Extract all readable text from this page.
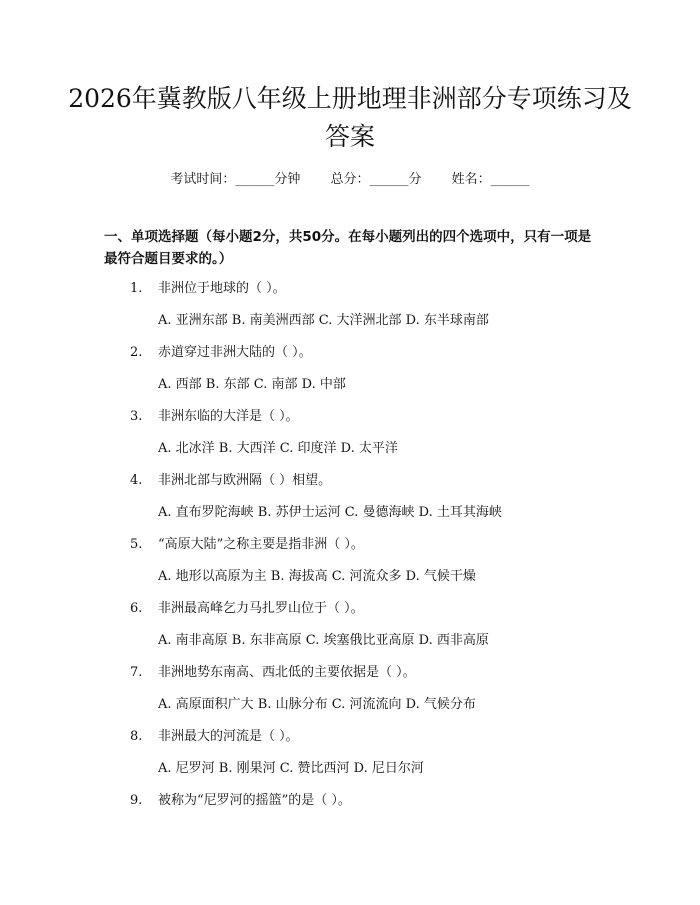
2026年冀教版八年级上册地理非洲部分专项练习及答案
考试时间：______分钟 总分：______分 姓名：______
一、单项选择题（每小题2分，共50分。在每小题列出的四个选项中，只有一项是最符合题目要求的。）
1. 非洲位于地球的（ ）。
A. 亚洲东部 B. 南美洲西部 C. 大洋洲北部 D. 东半球南部
2. 赤道穿过非洲大陆的（ ）。
A. 西部 B. 东部 C. 南部 D. 中部
3. 非洲东临的大洋是（ ）。
A. 北冰洋 B. 大西洋 C. 印度洋 D. 太平洋
4. 非洲北部与欧洲隔（ ）相望。
A. 直布罗陀海峡 B. 苏伊士运河 C. 曼德海峡 D. 土耳其海峡
5. “高原大陆”之称主要是指非洲（ ）。
A. 地形以高原为主 B. 海拔高 C. 河流众多 D. 气候干燥
6. 非洲最高峰乞力马扎罗山位于（ ）。
A. 南非高原 B. 东非高原 C. 埃塞俄比亚高原 D. 西非高原
7. 非洲地势东南高、西北低的主要依据是（ ）。
A. 高原面积广大 B. 山脉分布 C. 河流流向 D. 气候分布
8. 非洲最大的河流是（ ）。
A. 尼罗河 B. 刚果河 C. 赞比西河 D. 尼日尔河
9. 被称为“尼罗河的摇篮”的是（ ）。
